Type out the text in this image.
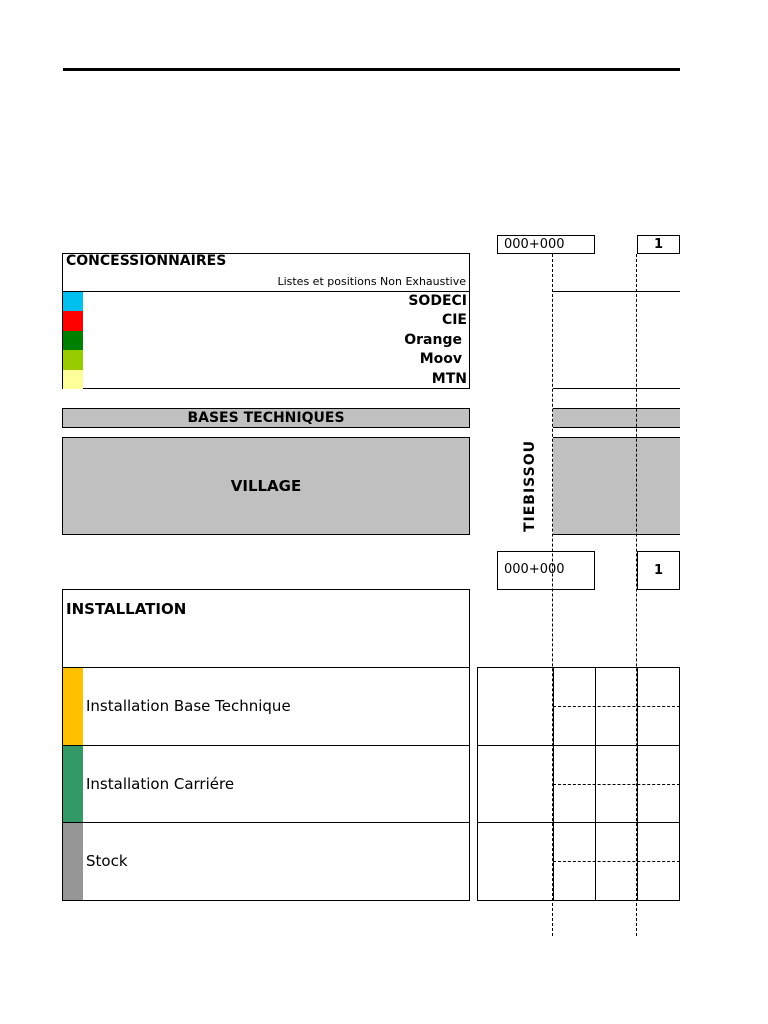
000+000	1
CONCESSIONNAIRES
Listes et positions Non Exhaustive
SODECI
CIE
Orange
Moov
MTN
BASES TECHNIQUES
VILLAGE	TIEBISSOU
000+000	1
INSTALLATION
Installation Base Technique
Installation Carriére
Stock
